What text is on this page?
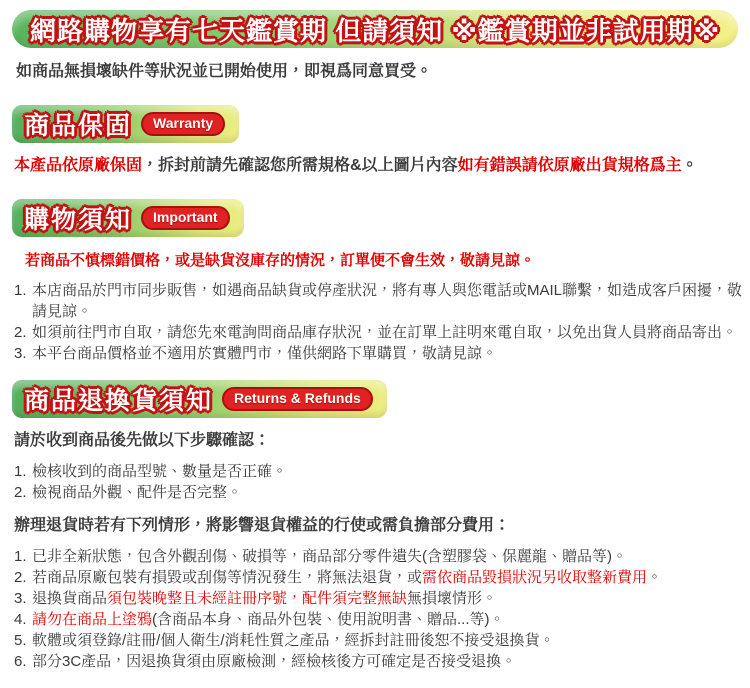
網路購物享有七天鑑賞期 但請須知 ※鑑賞期並非試用期※

如商品無損壞缺件等狀況並已開始使用，即視爲同意買受。

商品保固	Warranty

本產品依原廠保固，拆封前請先確認您所需規格&以上圖片內容如有錯誤請依原廠出貨規格爲主。

購物須知	Important

若商品不慎標錯價格，或是缺貨沒庫存的情況，訂單便不會生效，敬請見諒。

本店商品於門市同步販售，如遇商品缺貨或停產狀況，將有專人與您電話或MAIL聯繫，如造成客戶困擾，敬請見諒。
如須前往門市自取，請您先來電詢問商品庫存狀況，並在訂單上註明來電自取，以免出貨人員將商品寄出。
本平台商品價格並不適用於實體門市，僅供網路下單購買，敬請見諒。
商品退換貨須知	Returns & Refunds

請於收到商品後先做以下步驟確認：

檢核收到的商品型號、數量是否正確。
檢視商品外觀、配件是否完整。

辦理退貨時若有下列情形，將影響退貨權益的行使或需負擔部分費用：

已非全新狀態，包含外觀刮傷、破損等，商品部分零件遺失(含塑膠袋、保麗龍、贈品等)。
若商品原廠包裝有損毀或刮傷等情況發生，將無法退貨，或需依商品毀損狀況另收取整新費用。
退換貨商品須包裝晚整且未經註冊序號，配件須完整無缺無損壞情形。
請勿在商品上塗鴉(含商品本身、商品外包裝、使用說明書、贈品...等)。
軟體或須登錄/註冊/個人衛生/消耗性質之產品，經拆封註冊後恕不接受退換貨。
部分3C產品，因退換貨須由原廠檢測，經檢核後方可確定是否接受退換。
